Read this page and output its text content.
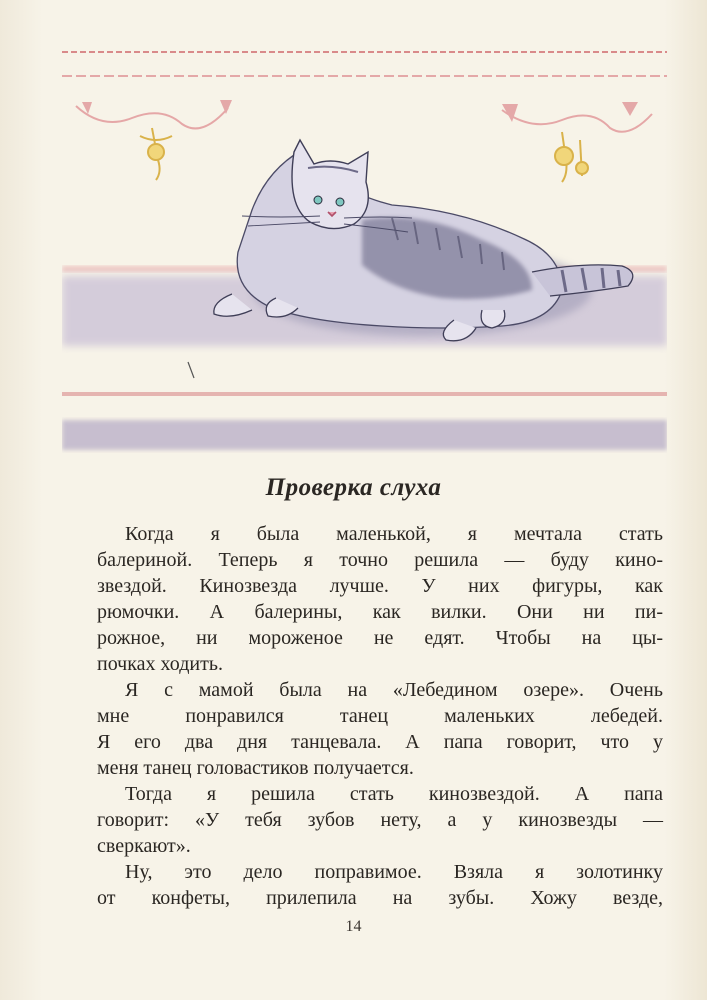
Проверка слуха
Когда я была маленькой, я мечтала стать
балериной. Теперь я точно решила — буду кино-
звездой. Кинозвезда лучше. У них фигуры, как
рюмочки. А балерины, как вилки. Они ни пи-
рожное, ни мороженое не едят. Чтобы на цы-
почках ходить.
Я с мамой была на «Лебедином озере». Очень
мне понравился танец маленьких лебедей.
Я его два дня танцевала. А папа говорит, что у
меня танец головастиков получается.
Тогда я решила стать кинозвездой. А папа
говорит: «У тебя зубов нету, а у кинозвезды —
сверкают».
Ну, это дело поправимое. Взяла я золотинку
от конфеты, прилепила на зубы. Хожу везде,
14
